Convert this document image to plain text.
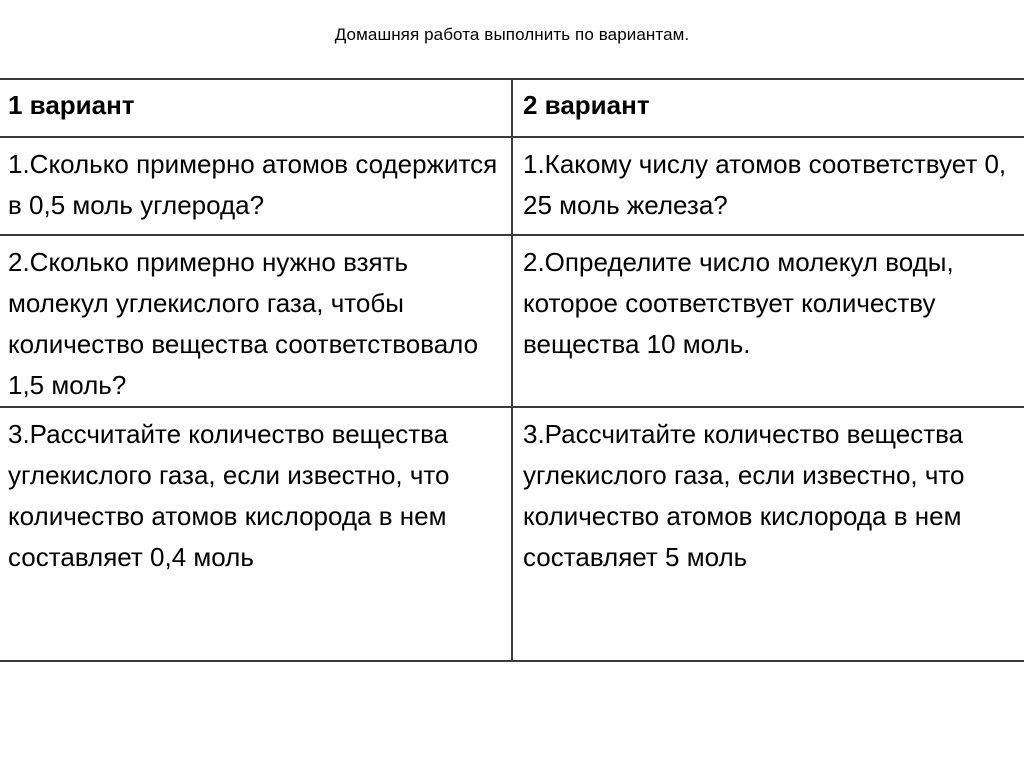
Домашняя работа выполнить по вариантам.
1 вариант	2 вариант

1.Сколько примерно атомов содержится в 0,5 моль углерода?	1.Какому числу атомов соответствует 0, 25 моль железа?

2.Сколько примерно нужно взять молекул углекислого газа, чтобы количество вещества соответствовало 1,5 моль?	2.Определите число молекул воды, которое соответствует количеству вещества 10 моль.

3.Рассчитайте количество вещества углекислого газа, если известно, что количество атомов кислорода в нем составляет 0,4 моль	3.Рассчитайте количество вещества углекислого газа, если известно, что количество атомов кислорода в нем составляет 5 моль
